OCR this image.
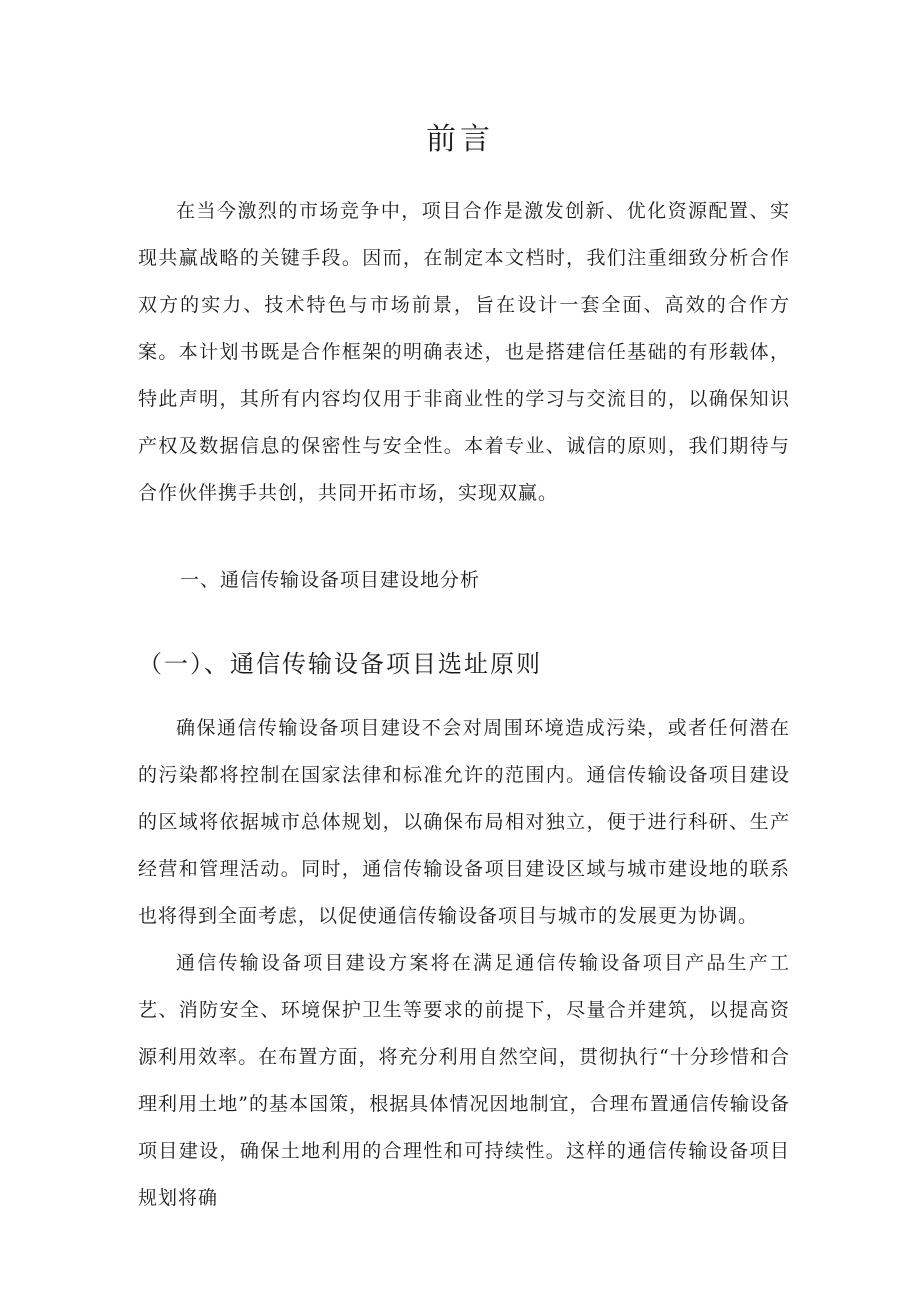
前言

在当今激烈的市场竞争中，项目合作是激发创新、优化资源配置、实现共赢战略的关键手段。因而，在制定本文档时，我们注重细致分析合作双方的实力、技术特色与市场前景，旨在设计一套全面、高效的合作方案。本计划书既是合作框架的明确表述，也是搭建信任基础的有形载体，特此声明，其所有内容均仅用于非商业性的学习与交流目的，以确保知识产权及数据信息的保密性与安全性。本着专业、诚信的原则，我们期待与合作伙伴携手共创，共同开拓市场，实现双赢。

一、通信传输设备项目建设地分析
（一）、通信传输设备项目选址原则

确保通信传输设备项目建设不会对周围环境造成污染，或者任何潜在的污染都将控制在国家法律和标准允许的范围内。通信传输设备项目建设的区域将依据城市总体规划，以确保布局相对独立，便于进行科研、生产经营和管理活动。同时，通信传输设备项目建设区域与城市建设地的联系也将得到全面考虑，以促使通信传输设备项目与城市的发展更为协调。

通信传输设备项目建设方案将在满足通信传输设备项目产品生产工艺、消防安全、环境保护卫生等要求的前提下，尽量合并建筑，以提高资源利用效率。在布置方面，将充分利用自然空间，贯彻执行“十分珍惜和合理利用土地”的基本国策，根据具体情况因地制宜，合理布置通信传输设备项目建设，确保土地利用的合理性和可持续性。这样的通信传输设备项目规划将确
